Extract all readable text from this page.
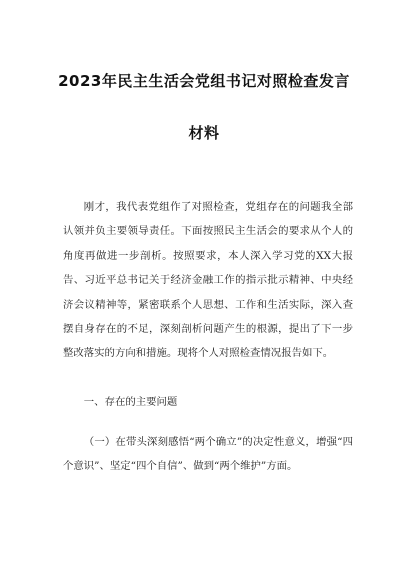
2023年民主生活会党组书记对照检查发言
材料

刚才，我代表党组作了对照检查，党组存在的问题我全部认领并负主要领导责任。下面按照民主生活会的要求从个人的角度再做进一步剖析。按照要求，本人深入学习党的XX大报告、习近平总书记关于经济金融工作的指示批示精神、中央经济会议精神等，紧密联系个人思想、工作和生活实际，深入查摆自身存在的不足，深刻剖析问题产生的根源，提出了下一步整改落实的方向和措施。现将个人对照检查情况报告如下。

一、存在的主要问题

（一）在带头深刻感悟“两个确立”的决定性意义，增强“四个意识”、坚定“四个自信”、做到“两个维护”方面。
